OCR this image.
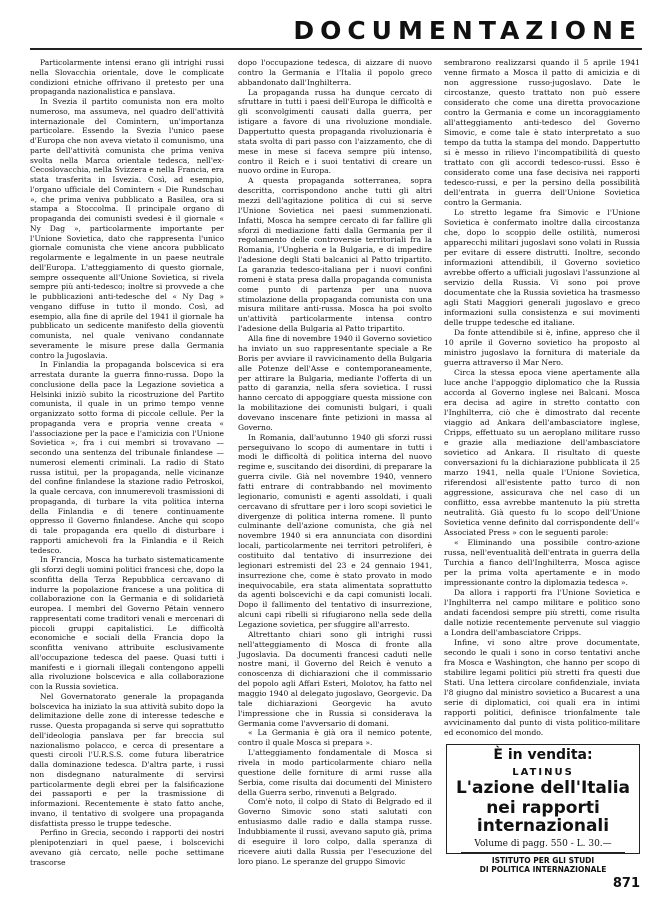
DOCUMENTAZIONE

Particolarmente intensi erano gli intrighi russi nella Slovacchia orientale, dove le complicate condizioni etniche offrivano il pretesto per una propaganda nazionalistica e panslava.

In Svezia il partito comunista non era molto numeroso, ma assumeva, nel quadro dell'attività internazionale del Comintern, un'importanza particolare. Essendo la Svezia l'unico paese d'Europa che non aveva vietato il comunismo, una parte dell'attività comunista che prima veniva svolta nella Marca orientale tedesca, nell'ex-Cecoslovacchia, nella Svizzera e nella Francia, era stata trasferita in Isvezia. Così, ad esempio, l'organo ufficiale del Comintern « Die Rundschau », che prima veniva pubblicato a Basilea, ora si stampa a Stoccolma. Il principale organo di propaganda dei comunisti svedesi è il giornale « Ny Dag », particolarmente importante per l'Unione Sovietica, dato che rappresenta l'unico giornale comunista che viene ancora pubblicato regolarmente e legalmente in un paese neutrale dell'Europa. L'atteggiamento di questo giornale, sempre ossequente all'Unione Sovietica, si rivela sempre più anti-tedesco; inoltre si provvede a che le pubblicazioni anti-tedesche del « Ny Dag » vengano diffuse in tutto il mondo. Così, ad esempio, alla fine di aprile del 1941 il giornale ha pubblicato un sedicente manifesto della gioventù comunista, nel quale venivano condannate severamente le misure prese dalla Germania contro la Jugoslavia.

In Finlandia la propaganda bolscevica si era arrestata durante la guerra finno-russa. Dopo la conclusione della pace la Legazione sovietica a Helsinki iniziò subito la ricostruzione del Partito comunista, il quale in un primo tempo venne organizzato sotto forma di piccole cellule. Per la propaganda vera e propria venne creata « l'associazione per la pace e l'amicizia con l'Unione Sovietica », fra i cui membri si trovavano — secondo una sentenza del tribunale finlandese — numerosi elementi criminali. La radio di Stato russa istituì, per la propaganda, nelle vicinanze del confine finlandese la stazione radio Petroskoi, la quale cercava, con innumerevoli trasmissioni di propaganda, di turbare la vita politica interna della Finlandia e di tenere continuamente oppresso il Governo finlandese. Anche qui scopo di tale propaganda era quello di disturbare i rapporti amichevoli fra la Finlandia e il Reich tedesco.

In Francia, Mosca ha turbato sistematicamente gli sforzi degli uomini politici francesi che, dopo la sconfitta della Terza Repubblica cercavano di indurre la popolazione francese a una politica di collaborazione con la Germania e di solidarietà europea. I membri del Governo Pétain vennero rappresentati come traditori venali e mercenari di piccoli gruppi capitalistici. Le difficoltà economiche e sociali della Francia dopo la sconfitta venivano attribuite esclusivamente all'occupazione tedesca del paese. Quasi tutti i manifesti e i giornali illegali contengono appelli alla rivoluzione bolscevica e alla collaborazione con la Russia sovietica.

Nel Governatorato generale la propaganda bolscevica ha iniziato la sua attività subito dopo la delimitazione delle zone di interesse tedesche e russe. Questa propaganda si serve qui soprattutto dell'ideologia panslava per far breccia sul nazionalismo polacco, e cerca di presentare a questi circoli l'U.R.S.S. come futura liberatrice dalla dominazione tedesca. D'altra parte, i russi non disdegnano naturalmente di servirsi particolarmente degli ebrei per la falsificazione dei passaporti e per la trasmissione di informazioni. Recentemente è stato fatto anche, invano, il tentativo di svolgere una propaganda disfattista presso le truppe tedesche.

Perfino in Grecia, secondo i rapporti dei nostri plenipotenziari in quel paese, i bolscevichi avevano già cercato, nelle poche settimane trascorse

dopo l'occupazione tedesca, di aizzare di nuovo contro la Germania e l'Italia il popolo greco abbandonato dall'Inghilterra.

La propaganda russa ha dunque cercato di sfruttare in tutti i paesi dell'Europa le difficoltà e gli sconvolgimenti causati dalla guerra, per istigare a favore di una rivoluzione mondiale. Dappertutto questa propaganda rivoluzionaria è stata svolta di pari passo con l'aizzamento, che di mese in mese si faceva sempre più intenso, contro il Reich e i suoi tentativi di creare un nuovo ordine in Europa.

A questa propaganda sotterranea, sopra descritta, corrispondono anche tutti gli altri mezzi dell'agitazione politica di cui si serve l'Unione Sovietica nei paesi summenzionati. Infatti, Mosca ha sempre cercato di far fallire gli sforzi di mediazione fatti dalla Germania per il regolamento delle controversie territoriali fra la Romania, l'Ungheria e la Bulgaria, e di impedire l'adesione degli Stati balcanici al Patto tripartito. La garanzia tedesco-italiana per i nuovi confini romeni è stata presa dalla propaganda comunista come punto di partenza per una nuova stimolazione della propaganda comunista con una misura militare anti-russa. Mosca ha poi svolto un'attività particolarmente intensa contro l'adesione della Bulgaria al Patto tripartito.

Alla fine di novembre 1940 il Governo sovietico ha inviato un suo rappresentante speciale a Re Boris per avviare il ravvicinamento della Bulgaria alle Potenze dell'Asse e contemporaneamente, per attirare la Bulgaria, mediante l'offerta di un patto di garanzia, nella sfera sovietica. I russi hanno cercato di appoggiare questa missione con la mobilitazione dei comunisti bulgari, i quali dovevano inscenare finte petizioni in massa al Governo.

In Romania, dall'autunno 1940 gli sforzi russi perseguivano lo scopo di aumentare in tutti i modi le difficoltà di politica interna del nuovo regime e, suscitando dei disordini, di preparare la guerra civile. Già nel novembre 1940, vennero fatti entrare di contrabbando nel movimento legionario, comunisti e agenti assoldati, i quali cercavano di sfruttare per i loro scopi sovietici le divergenze di politica interna romene. Il punto culminante dell'azione comunista, che già nel novembre 1940 si era annunciata con disordini locali, particolarmente nei territori petroliferi, è costituito dal tentativo di insurrezione dei legionari estremisti del 23 e 24 gennaio 1941, insurrezione che, come è stato provato in modo inequivocabile, era stata alimentata soprattutto da agenti bolscevichi e da capi comunisti locali. Dopo il fallimento del tentativo di insurrezione, alcuni capi ribelli si rifugiarono nella sede della Legazione sovietica, per sfuggire all'arresto.

Altrettanto chiari sono gli intrighi russi nell'atteggiamento di Mosca di fronte alla Jugoslavia. Da documenti francesi caduti nelle nostre mani, il Governo del Reich è venuto a conoscenza di dichiarazioni che il commissario del popolo agli Affari Esteri, Molotov, ha fatto nel maggio 1940 al delegato jugoslavo, Georgevic. Da tale dichiarazioni Georgevic ha avuto l'impressione che in Russia si considerava la Germania come l'avversario di domani.

« La Germania è già ora il nemico potente, contro il quale Mosca si prepara ».

L'atteggiamento fondamentale di Mosca si rivela in modo particolarmente chiaro nella questione delle forniture di armi russe alla Serbia, come risulta dai documenti del Ministero della Guerra serbo, rinvenuti a Belgrado.

Com'è noto, il colpo di Stato di Belgrado ed il Governo Simovic sono stati salutati con entusiasmo dalle radio e dalla stampa russe. Indubbiamente il russi, avevano saputo già, prima di eseguire il loro colpo, dalla speranza di ricevere aiuti dalla Russia per l'esecuzione del loro piano. Le speranze del gruppo Simovic

sembrarono realizzarsi quando il 5 aprile 1941 venne firmato a Mosca il patto di amicizia e di non aggressione russo-jugoslavo. Date le circostanze, questo trattato non può essere considerato che come una diretta provocazione contro la Germania e come un incoraggiamento all'atteggiamento anti-tedesco del Governo Simovic, e come tale è stato interpretato a suo tempo da tutta la stampa del mondo. Dappertutto si è messo in rilievo l'incompatibilità di questo trattato con gli accordi tedesco-russi. Esso è considerato come una fase decisiva nei rapporti tedesco-russi, e per la persino della possibilità dell'entrata in guerra dell'Unione Sovietica contro la Germania.

Lo stretto legame fra Simovic e l'Unione Sovietica è confermato inoltre dalla circostanza che, dopo lo scoppio delle ostilità, numerosi apparecchi militari jugoslavi sono volati in Russia per evitare di essere distrutti. Inoltre, secondo informazioni attendibili, il Governo sovietico avrebbe offerto a ufficiali jugoslavi l'assunzione al servizio della Russia. Vi sono poi prove documentate che la Russia sovietica ha trasmesso agli Stati Maggiori generali jugoslavo e greco informazioni sulla consistenza e sui movimenti delle truppe tedesche ed italiane.

Da fonte attendibile si è, infine, appreso che il 10 aprile il Governo sovietico ha proposto al ministro jugoslavo la fornitura di materiale da guerra attraverso il Mar Nero.

Circa la stessa epoca viene apertamente alla luce anche l'appoggio diplomatico che la Russia accorda al Governo inglese nei Balcani. Mosca era decisa ad agire in stretto contatto con l'Inghilterra, ciò che è dimostrato dal recente viaggio ad Ankara dell'ambasciatore inglese, Cripps, effettuato su un aeroplano militare russo e grazie alla mediazione dell'ambasciatore sovietico ad Ankara. Il risultato di queste conversazioni fu la dichiarazione pubblicata il 25 marzo 1941, nella quale l'Unione Sovietica, riferendosi all'esistente patto turco di non aggressione, assicurava che nel caso di un conflitto, essa avrebbe mantenuto la più stretta neutralità. Già questo fu lo scopo dell'Unione Sovietica venne definito dal corrispondente dell'« Associated Press » con le seguenti parole:

« Eliminando una possibile contro-azione russa, nell'eventualità dell'entrata in guerra della Turchia a fianco dell'Inghilterra, Mosca agisce per la prima volta apertamente e in modo impressionante contro la diplomazia tedesca ».

Da allora i rapporti fra l'Unione Sovietica e l'Inghilterra nel campo militare e politico sono andati facendosi sempre più stretti, come risulta dalle notizie recentemente pervenute sul viaggio a Londra dell'ambasciatore Cripps.

Infine, vi sono altre prove documentate, secondo le quali i sono in corso tentativi anche fra Mosca e Washington, che hanno per scopo di stabilire legami politici più stretti fra questi due Stati. Una lettera circolare confidenziale, inviata l'8 giugno dal ministro sovietico a Bucarest a una serie di diplomatici, coi quali era in intimi rapporti politici, definisce trionfalmente tale avvicinamento dal punto di vista politico-militare ed economico del mondo.

È in vendita:
LATINUS
L'azione dell'Italia
nei rapporti internazionali
Volume di pagg. 550 - L. 30.—
ISTITUTO PER GLI STUDI
DI POLITICA INTERNAZIONALE
871
